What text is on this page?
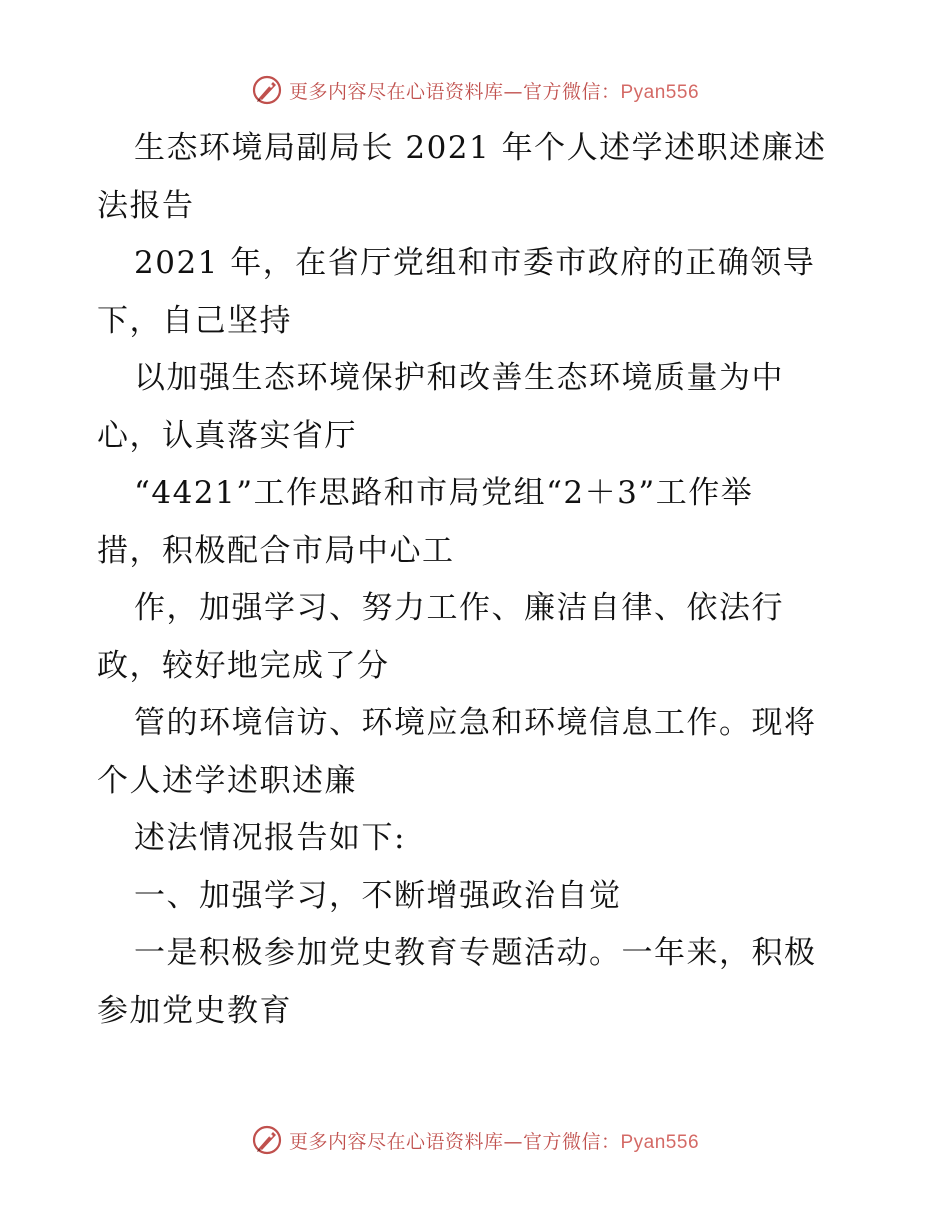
更多内容尽在心语资料库—官方微信：Pyan556
生态环境局副局长 2021 年个人述学述职述廉述
法报告
2021 年，在省厅党组和市委市政府的正确领导
下，自己坚持
以加强生态环境保护和改善生态环境质量为中
心，认真落实省厅
“4421”工作思路和市局党组“2＋3”工作举
措，积极配合市局中心工
作，加强学习、努力工作、廉洁自律、依法行
政，较好地完成了分
管的环境信访、环境应急和环境信息工作。现将
个人述学述职述廉
述法情况报告如下:
一、加强学习，不断增强政治自觉
一是积极参加党史教育专题活动。一年来，积极
参加党史教育
更多内容尽在心语资料库—官方微信：Pyan556
